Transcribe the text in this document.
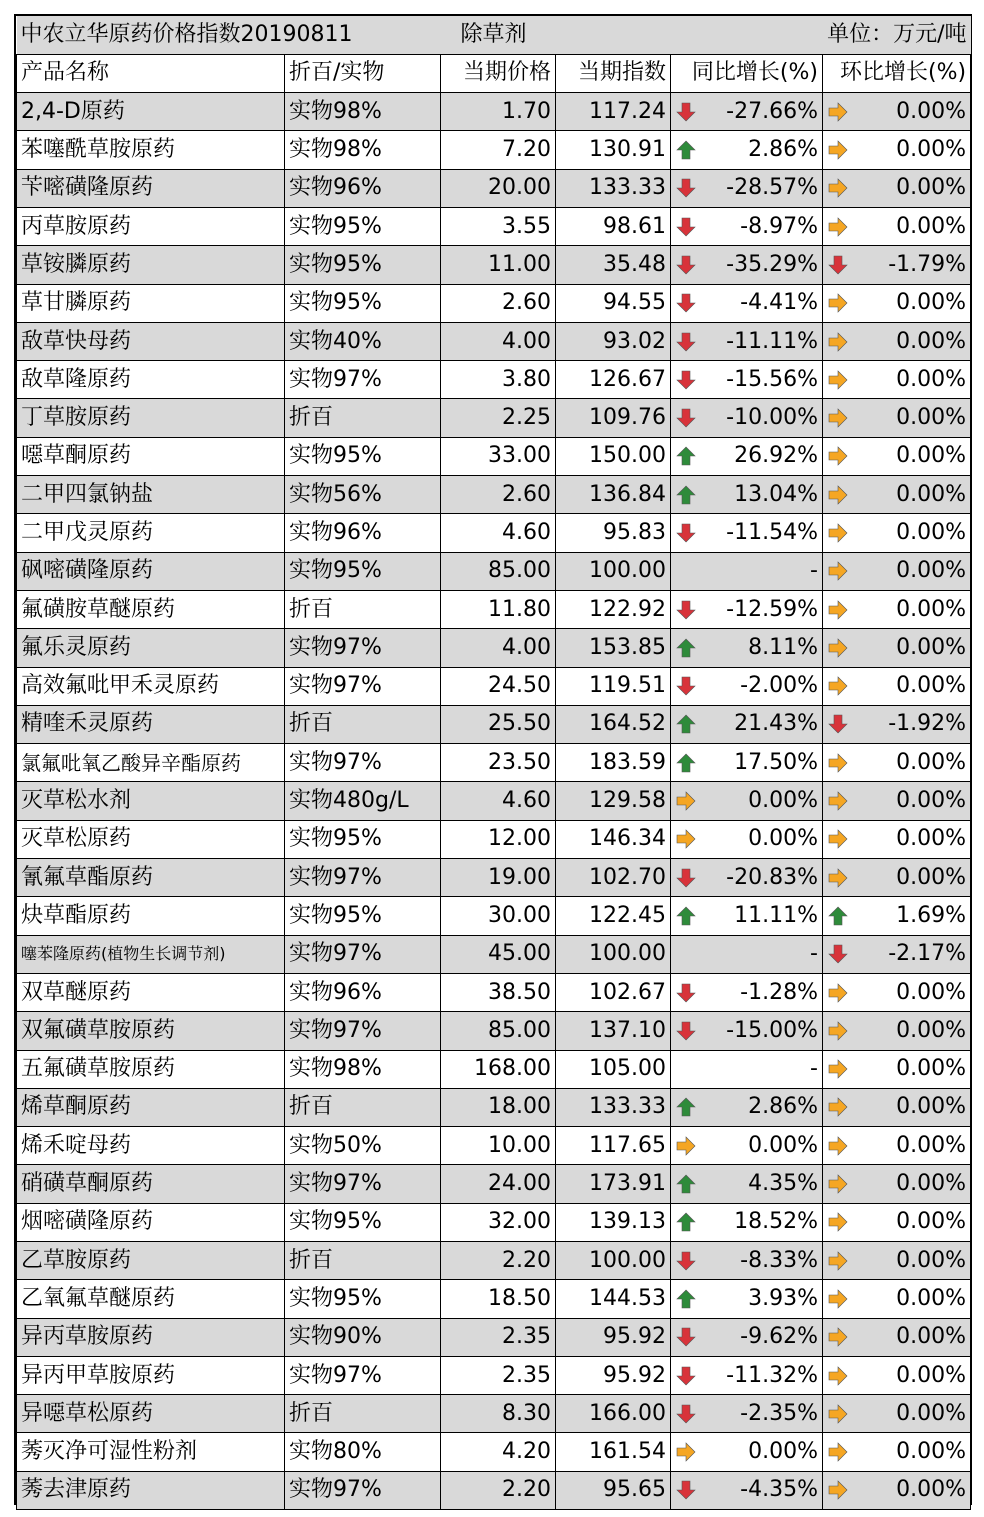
中农立华原药价格指数20190811 除草剂 单位：万元/吨					

产品名称	折百/实物	当期价格	当期指数	同比增长(%)	环比增长(%)
2,4-D原药	实物98%	1.70	117.24	-27.66%	0.00%
苯噻酰草胺原药	实物98%	7.20	130.91	2.86%	0.00%
苄嘧磺隆原药	实物96%	20.00	133.33	-28.57%	0.00%
丙草胺原药	实物95%	3.55	98.61	-8.97%	0.00%
草铵膦原药	实物95%	11.00	35.48	-35.29%	-1.79%
草甘膦原药	实物95%	2.60	94.55	-4.41%	0.00%
敌草快母药	实物40%	4.00	93.02	-11.11%	0.00%
敌草隆原药	实物97%	3.80	126.67	-15.56%	0.00%
丁草胺原药	折百	2.25	109.76	-10.00%	0.00%
噁草酮原药	实物95%	33.00	150.00	26.92%	0.00%
二甲四氯钠盐	实物56%	2.60	136.84	13.04%	0.00%
二甲戊灵原药	实物96%	4.60	95.83	-11.54%	0.00%
砜嘧磺隆原药	实物95%	85.00	100.00	-	0.00%
氟磺胺草醚原药	折百	11.80	122.92	-12.59%	0.00%
氟乐灵原药	实物97%	4.00	153.85	8.11%	0.00%
高效氟吡甲禾灵原药	实物97%	24.50	119.51	-2.00%	0.00%
精喹禾灵原药	折百	25.50	164.52	21.43%	-1.92%
氯氟吡氧乙酸异辛酯原药	实物97%	23.50	183.59	17.50%	0.00%
灭草松水剂	实物480g/L	4.60	129.58	0.00%	0.00%
灭草松原药	实物95%	12.00	146.34	0.00%	0.00%
氰氟草酯原药	实物97%	19.00	102.70	-20.83%	0.00%
炔草酯原药	实物95%	30.00	122.45	11.11%	1.69%
噻苯隆原药(植物生长调节剂)	实物97%	45.00	100.00	-	-2.17%
双草醚原药	实物96%	38.50	102.67	-1.28%	0.00%
双氟磺草胺原药	实物97%	85.00	137.10	-15.00%	0.00%
五氟磺草胺原药	实物98%	168.00	105.00	-	0.00%
烯草酮原药	折百	18.00	133.33	2.86%	0.00%
烯禾啶母药	实物50%	10.00	117.65	0.00%	0.00%
硝磺草酮原药	实物97%	24.00	173.91	4.35%	0.00%
烟嘧磺隆原药	实物95%	32.00	139.13	18.52%	0.00%
乙草胺原药	折百	2.20	100.00	-8.33%	0.00%
乙氧氟草醚原药	实物95%	18.50	144.53	3.93%	0.00%
异丙草胺原药	实物90%	2.35	95.92	-9.62%	0.00%
异丙甲草胺原药	实物97%	2.35	95.92	-11.32%	0.00%
异噁草松原药	折百	8.30	166.00	-2.35%	0.00%
莠灭净可湿性粉剂	实物80%	4.20	161.54	0.00%	0.00%
莠去津原药	实物97%	2.20	95.65	-4.35%	0.00%
